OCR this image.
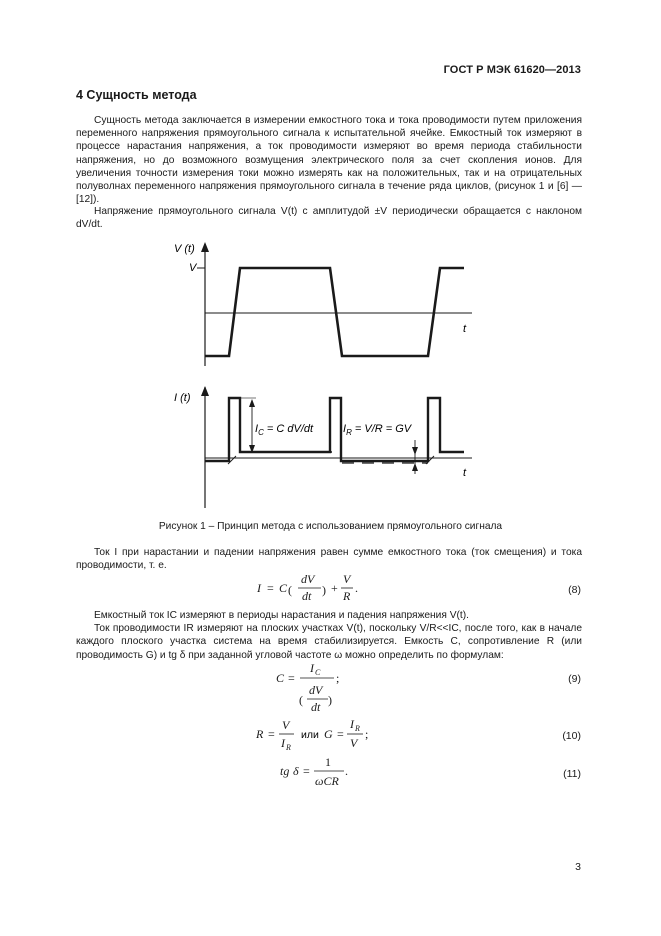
ГОСТ Р МЭК 61620—2013
4 Сущность метода

Сущность метода заключается в измерении емкостного тока и тока проводимости путем приложения переменного напряжения прямоугольного сигнала к испытательной ячейке. Емкостный ток измеряют в процессе нарастания напряжения, а ток проводимости измеряют во время периода стабильности напряжения, но до возможного возмущения электрического поля за счет скопления ионов. Для увеличения точности измерения токи можно измерять как на положительных, так и на отрицательных полуволнах переменного напряжения прямоугольного сигнала в течение ряда циклов, (рисунок 1 и [6] — [12]).

Напряжение прямоугольного сигнала V(t) с амплитудой ±V периодически обращается с наклоном dV/dt.

V (t)
V
t
$I_C = C$ dV/dt	$I_R = V/R$ = GV
I (t)
t
Рисунок 1 – Принцип метода с использованием прямоугольного сигнала

Ток I при нарастании и падении напряжения равен сумме емкостного тока (ток смещения) и тока проводимости, т. е.

I = C (
dV
dt ) +
V
R
.	(8)

Емкостный ток IC измеряют в периоды нарастания и падения напряжения V(t).

Ток проводимости IR измеряют на плоских участках V(t), поскольку V/R<<IC, после того, как в начале каждого плоского участка система на время стабилизируется. Емкость C, сопротивление R (или проводимость G) и tg δ при заданной угловой частоте ω можно определить по формулам:

C =
I C
(
dV
dt )
;	(9)
R =
V
I R
или G =
I R
V
;	(10)
tg δ =
1
ωCR
.	(11)
3
